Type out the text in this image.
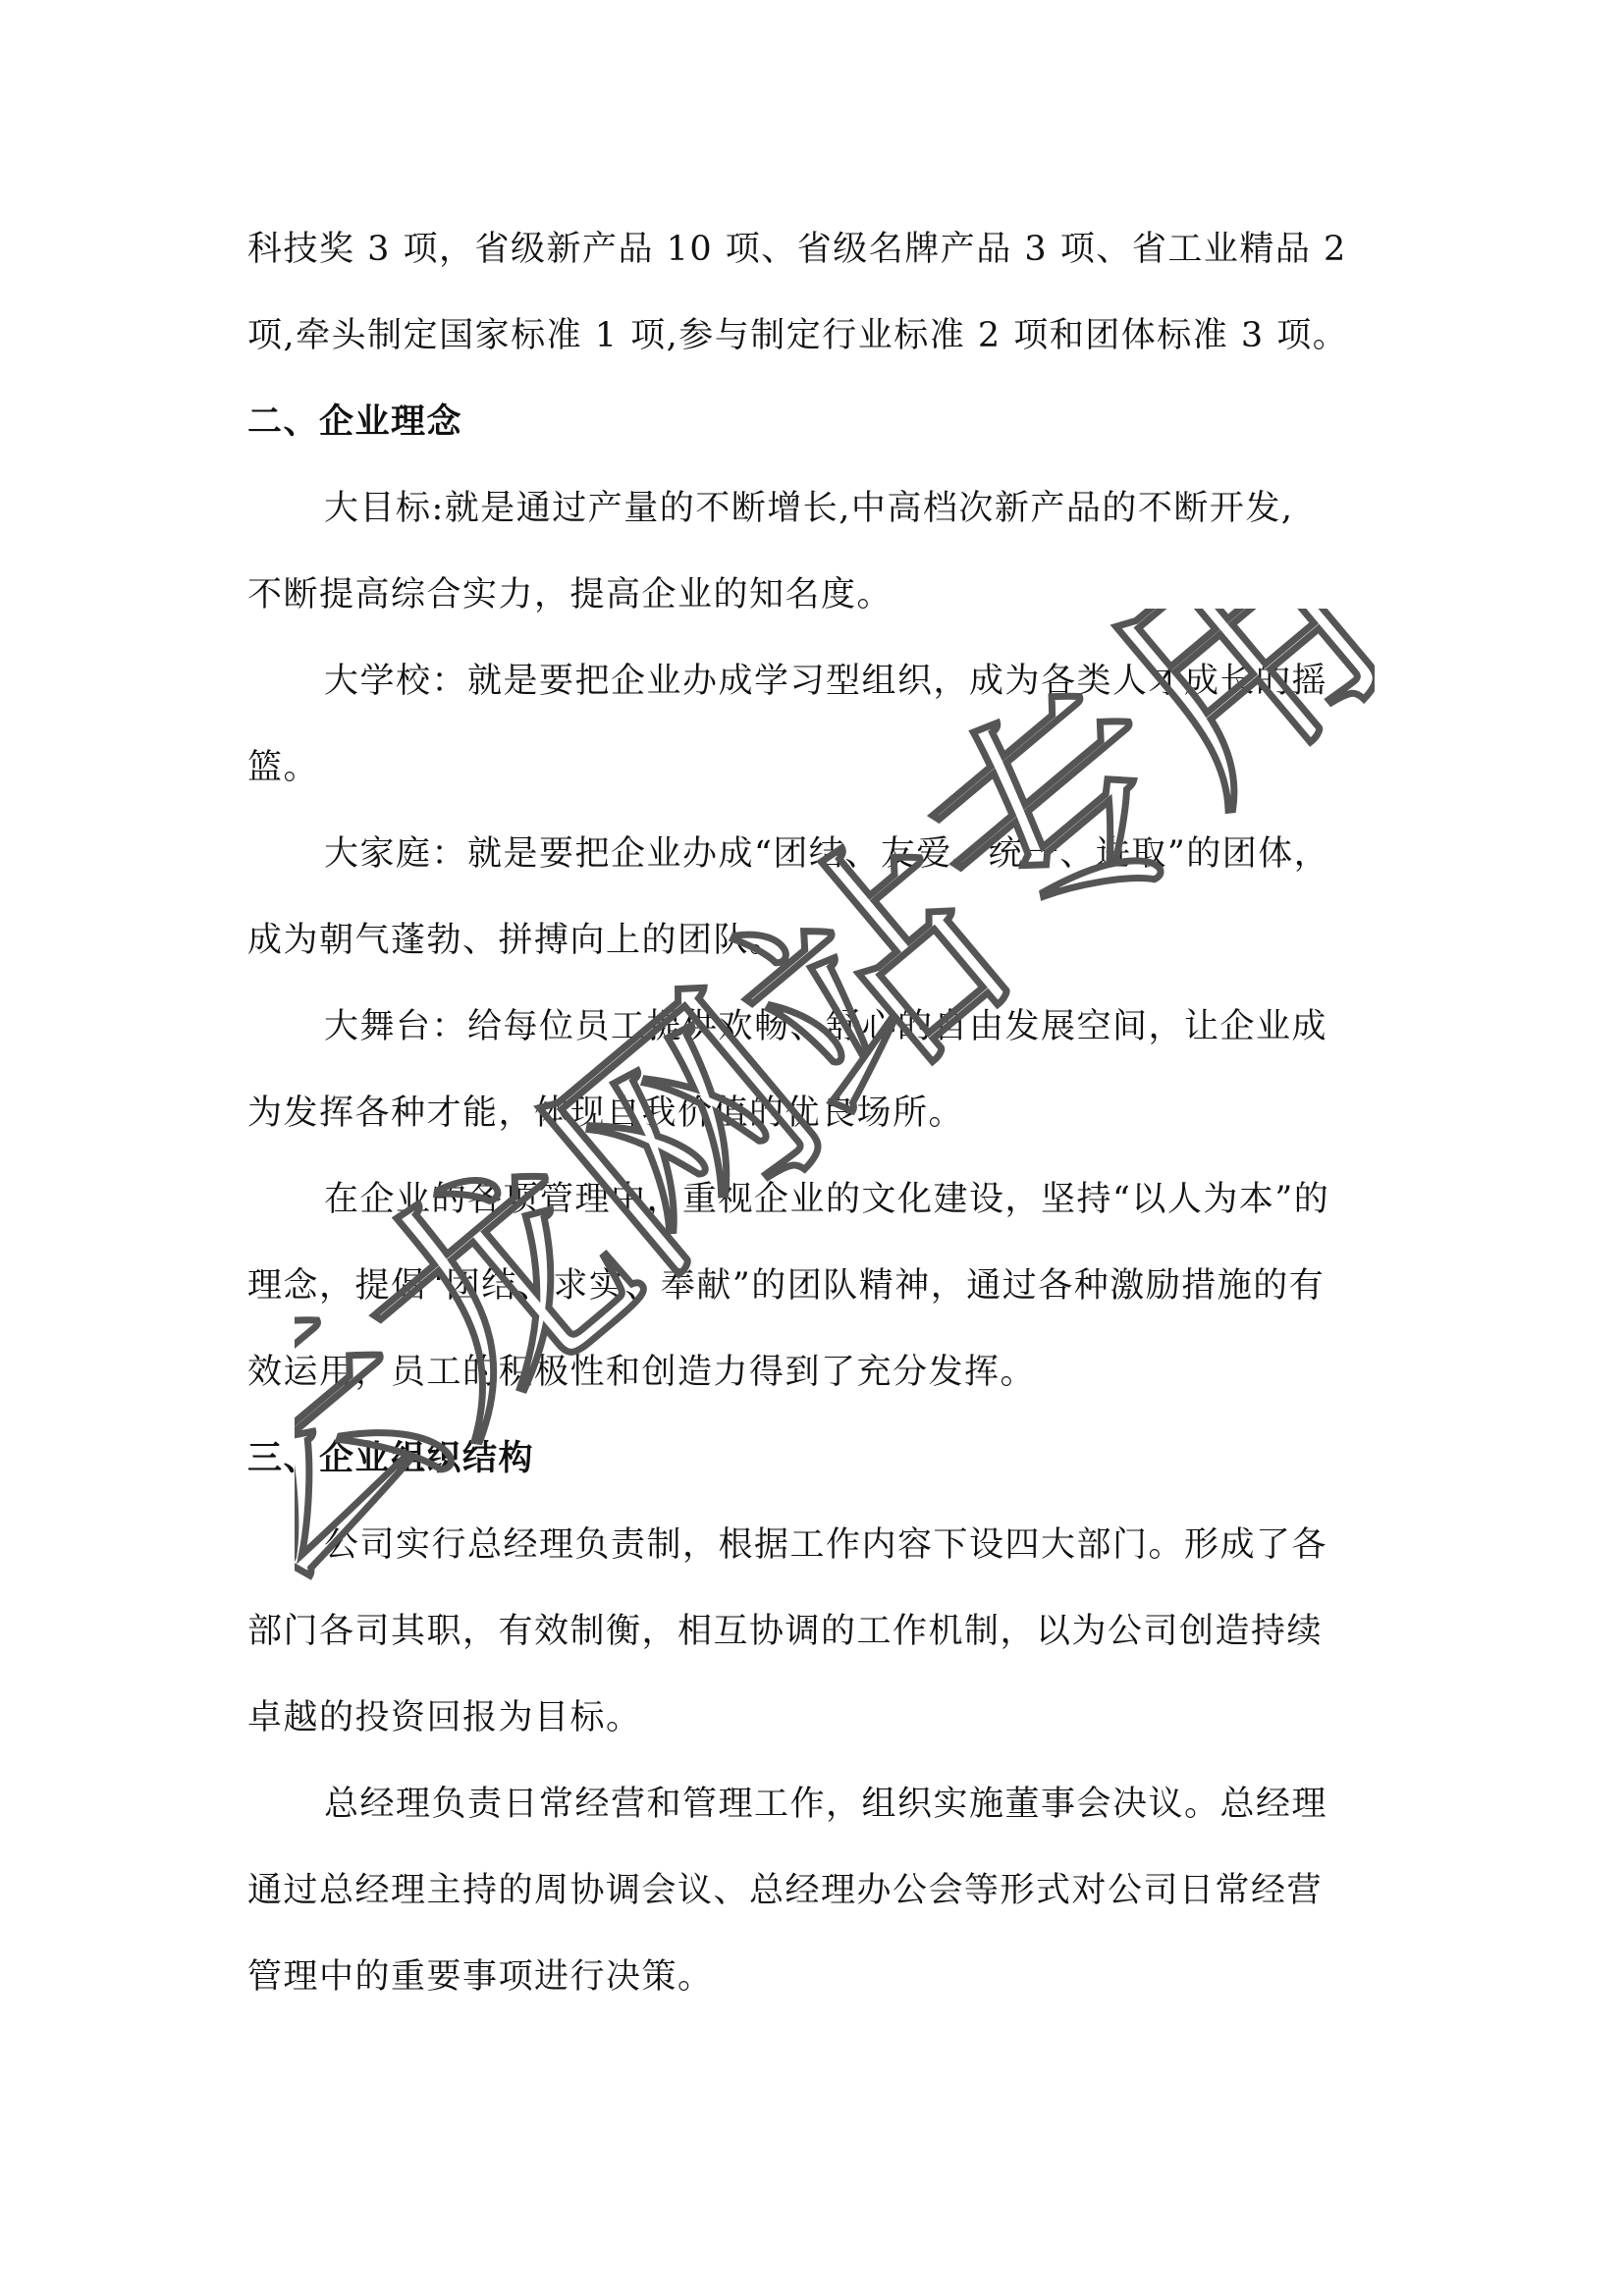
科技奖 3 项，省级新产品 10 项、省级名牌产品 3 项、省工业精品 2
项,牵头制定国家标准 1 项,参与制定行业标准 2 项和团体标准 3 项。
二、企业理念
大目标:就是通过产量的不断增长,中高档次新产品的不断开发,
不断提高综合实力，提高企业的知名度。
大学校：就是要把企业办成学习型组织，成为各类人才成长的摇
篮。
大家庭：就是要把企业办成“团结、友爱、统一、进取”的团体，
成为朝气蓬勃、拼搏向上的团队。
大舞台：给每位员工提供欢畅、舒心的自由发展空间，让企业成
为发挥各种才能，体现自我价值的优良场所。
在企业的各项管理中，重视企业的文化建设，坚持“以人为本”的
理念，提倡“团结、求实、奉献”的团队精神，通过各种激励措施的有
效运用，员工的积极性和创造力得到了充分发挥。
三、企业组织结构
公司实行总经理负责制，根据工作内容下设四大部门。形成了各
部门各司其职，有效制衡，相互协调的工作机制，以为公司创造持续
卓越的投资回报为目标。
总经理负责日常经营和管理工作，组织实施董事会决议。总经理
通过总经理主持的周协调会议、总经理办公会等形式对公司日常经营
管理中的重要事项进行决策。
云龙网站专用
